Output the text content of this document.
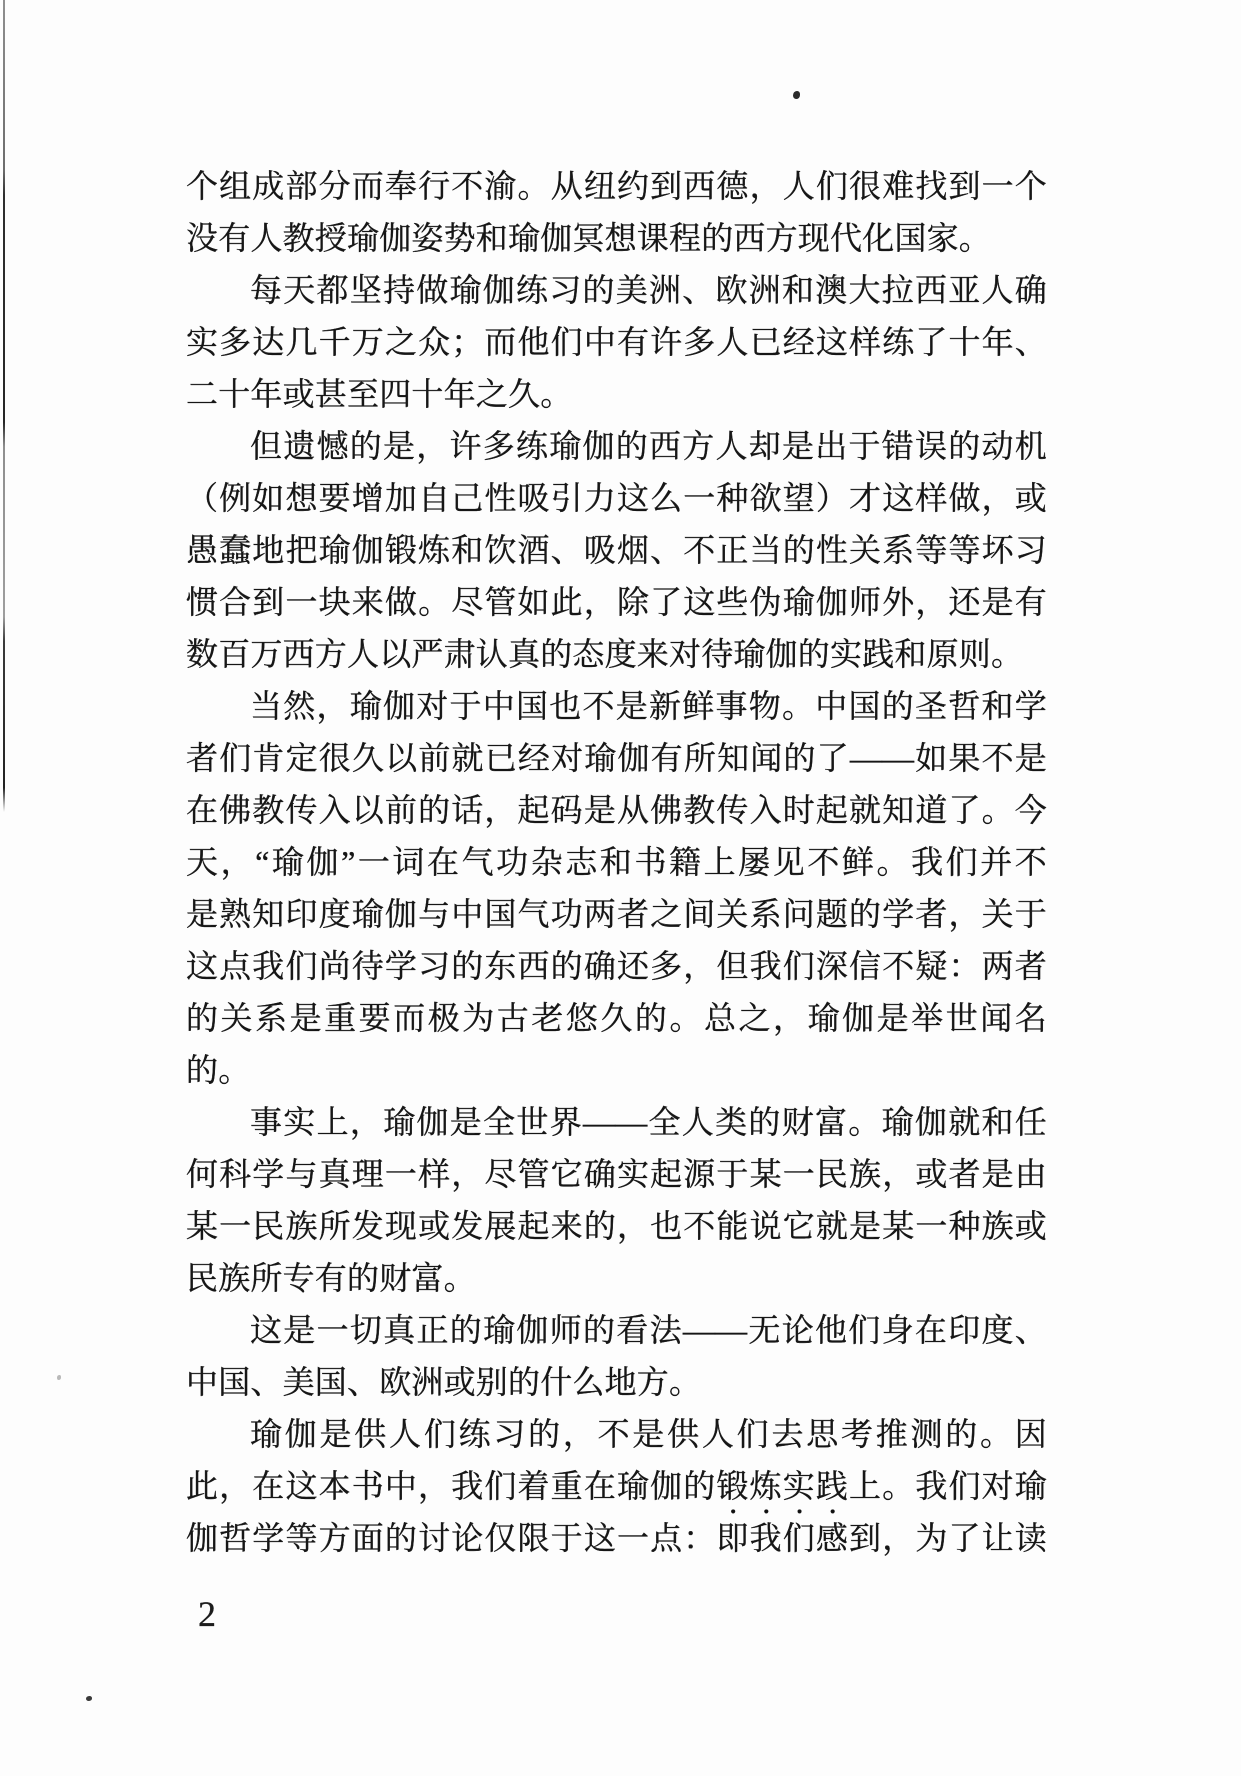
个组成部分而奉行不渝。从纽约到西德，人们很难找到一个
没有人教授瑜伽姿势和瑜伽冥想课程的西方现代化国家。
每天都坚持做瑜伽练习的美洲、欧洲和澳大拉西亚人确
实多达几千万之众；而他们中有许多人已经这样练了十年、
二十年或甚至四十年之久。
但遗憾的是，许多练瑜伽的西方人却是出于错误的动机
（例如想要增加自己性吸引力这么一种欲望）才这样做，或
愚蠢地把瑜伽锻炼和饮酒、吸烟、不正当的性关系等等坏习
惯合到一块来做。尽管如此，除了这些伪瑜伽师外，还是有
数百万西方人以严肃认真的态度来对待瑜伽的实践和原则。
当然，瑜伽对于中国也不是新鲜事物。中国的圣哲和学
者们肯定很久以前就已经对瑜伽有所知闻的了——如果不是
在佛教传入以前的话，起码是从佛教传入时起就知道了。今
天，“瑜伽”一词在气功杂志和书籍上屡见不鲜。我们并不
是熟知印度瑜伽与中国气功两者之间关系问题的学者，关于
这点我们尚待学习的东西的确还多，但我们深信不疑：两者
的关系是重要而极为古老悠久的。总之，瑜伽是举世闻名
的。
事实上，瑜伽是全世界——全人类的财富。瑜伽就和任
何科学与真理一样，尽管它确实起源于某一民族，或者是由
某一民族所发现或发展起来的，也不能说它就是某一种族或
民族所专有的财富。
这是一切真正的瑜伽师的看法——无论他们身在印度、
中国、美国、欧洲或别的什么地方。
瑜伽是供人们练习的，不是供人们去思考推测的。因
此，在这本书中，我们着重在瑜伽的锻炼实践上。我们对瑜
伽哲学等方面的讨论仅限于这一点：即我们感到，为了让读
2
